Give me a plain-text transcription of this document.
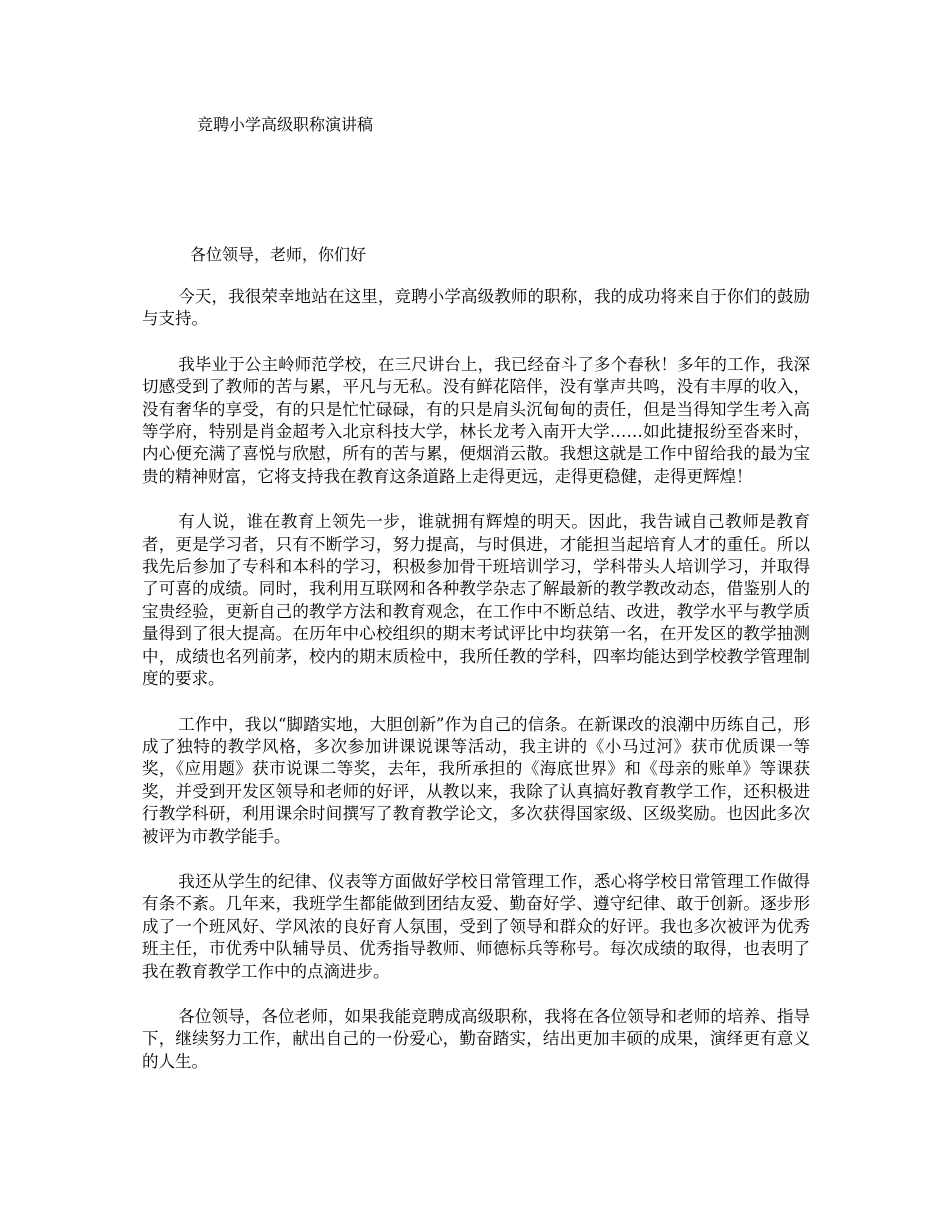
竞聘小学高级职称演讲稿
各位领导，老师，你们好

今天，我很荣幸地站在这里，竞聘小学高级教师的职称，我的成功将来自于你们的鼓励与支持。

我毕业于公主岭师范学校，在三尺讲台上，我已经奋斗了多个春秋！多年的工作，我深切感受到了教师的苦与累，平凡与无私。没有鲜花陪伴，没有掌声共鸣，没有丰厚的收入，没有奢华的享受，有的只是忙忙碌碌，有的只是肩头沉甸甸的责任，但是当得知学生考入高等学府，特别是肖金超考入北京科技大学，林长龙考入南开大学……如此捷报纷至沓来时，内心便充满了喜悦与欣慰，所有的苦与累，便烟消云散。我想这就是工作中留给我的最为宝贵的精神财富，它将支持我在教育这条道路上走得更远，走得更稳健，走得更辉煌！

有人说，谁在教育上领先一步，谁就拥有辉煌的明天。因此，我告诫自己教师是教育者，更是学习者，只有不断学习，努力提高，与时俱进，才能担当起培育人才的重任。所以我先后参加了专科和本科的学习，积极参加骨干班培训学习，学科带头人培训学习，并取得了可喜的成绩。同时，我利用互联网和各种教学杂志了解最新的教学教改动态，借鉴别人的宝贵经验，更新自己的教学方法和教育观念，在工作中不断总结、改进，教学水平与教学质量得到了很大提高。在历年中心校组织的期末考试评比中均获第一名，在开发区的教学抽测中，成绩也名列前茅，校内的期末质检中，我所任教的学科，四率均能达到学校教学管理制度的要求。

工作中，我以“脚踏实地，大胆创新”作为自己的信条。在新课改的浪潮中历练自己，形成了独特的教学风格，多次参加讲课说课等活动，我主讲的《小马过河》获市优质课一等奖，《应用题》获市说课二等奖，去年，我所承担的《海底世界》和《母亲的账单》等课获奖，并受到开发区领导和老师的好评，从教以来，我除了认真搞好教育教学工作，还积极进行教学科研，利用课余时间撰写了教育教学论文，多次获得国家级、区级奖励。也因此多次被评为市教学能手。

我还从学生的纪律、仪表等方面做好学校日常管理工作，悉心将学校日常管理工作做得有条不紊。几年来，我班学生都能做到团结友爱、勤奋好学、遵守纪律、敢于创新。逐步形成了一个班风好、学风浓的良好育人氛围，受到了领导和群众的好评。我也多次被评为优秀班主任，市优秀中队辅导员、优秀指导教师、师德标兵等称号。每次成绩的取得，也表明了我在教育教学工作中的点滴进步。

各位领导，各位老师，如果我能竞聘成高级职称，我将在各位领导和老师的培养、指导下，继续努力工作，献出自己的一份爱心，勤奋踏实，结出更加丰硕的成果，演绎更有意义的人生。
